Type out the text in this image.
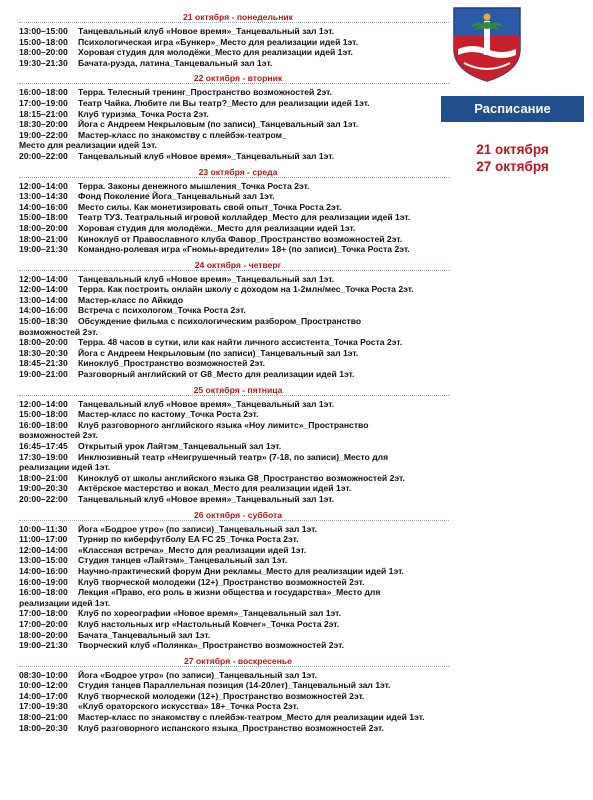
21 октября - понедельник
13:00–15:00	Танцевальный клуб «Новое время»_Танцевальный зал 1эт.
15:00–18:00	Психологическая игра «Бункер»_Место для реализации идей 1эт.
18:00–20:00	Хоровая студия для молодёжи_Место для реализации идей 1эт.
19:30–21:30	Бачата-руэда, латина_Танцевальный зал 1эт.
22 октября - вторник
16:00–18:00	Терра. Телесный тренинг_Пространство возможностей 2эт.
17:00–19:00	Театр Чайка. Любите ли Вы театр?_Место для реализации идей 1эт.
18:15–21:00	Клуб туризма_Точка Роста 2эт.
18:30–20:00	Йога с Андреем Некрыловым (по записи)_Танцевальный зал 1эт.
19:00–22:00	Мастер-класс по знакомству с плейбэк-театром_
Место для реализации идей 1эт.
20:00–22:00	Танцевальный клуб «Новое время»_Танцевальный зал 1эт.
23 октября - среда
12:00–14:00	Терра. Законы денежного мышления_Точка Роста 2эт.
13:00–14:30	Фонд Поколение Йога_Танцевальный зал 1эт.
14:00–16:00	Место силы. Как монетизировать свой опыт_Точка Роста 2эт.
15:00–18:00	Театр ТУЗ. Театральный игровой коллайдер_Место для реализации идей 1эт.
18:00–20:00	Хоровая студия для молодёжи._Место для реализации идей 1эт.
18:00–21:00	Киноклуб от Православного клуба Фавор_Пространство возможностей 2эт.
19:00–21:30	Командно-ролевая игра «Гномы-вредители» 18+ (по записи)_Точка Роста 2эт.
24 октября - четверг
12:00–14:00	Танцевальный клуб «Новое время»_Танцевальный зал 1эт.
12:00–14:00	Терра. Как построить онлайн школу с доходом на 1-2млн/мес_Точка Роста 2эт.
13:00–14:00	Мастер-класс по Айкидо
14:00–16:00	Встреча с психологом_Точка Роста 2эт.
15:00–18:30	Обсуждение фильма с психологическим разбором_Пространство
возможностей 2эт.
18:00–20:00	Терра. 48 часов в сутки, или как найти личного ассистента_Точка Роста 2эт.
18:30–20:30	Йога с Андреем Некрыловым (по записи)_Танцевальный зал 1эт.
18:45–21:30	Киноклуб_Пространство возможностей 2эт.
19:00–21:00	Разговорный английский от G8_Место для реализации идей 1эт.
25 октября - пятница
12:00–14:00	Танцевальный клуб «Новое время»_Танцевальный зал 1эт.
15:00–18:00	Мастер-класс по кастому_Точка Роста 2эт.
16:00–18:00	Клуб разговорного английского языка «Ноу лимитс»_Пространство
возможностей 2эт.
16:45–17:45	Открытый урок Лайтэм_Танцевальный зал 1эт.
17:30–19:00	Инклюзивный театр «Неигрушечный театр» (7-18, по записи)_Место для
реализации идей 1эт.
18:00–21:00	Киноклуб от школы английского языка G8_Пространство возможностей 2эт.
19:00–20:30	Актёрское мастерство и вокал_Место для реализации идей 1эт.
20:00–22:00	Танцевальный клуб «Новое время»_Танцевальный зал 1эт.
26 октября - суббота
10:00–11:30	Йога «Бодрое утро» (по записи)_Танцевальный зал 1эт.
11:00–17:00	Турнир по киберфутболу EA FC 25_Точка Роста 2эт.
12:00–14:00	«Классная встреча»_Место для реализации идей 1эт.
13:00–15:00	Студия танцев «Лайтэм»_Танцевальный зал 1эт.
14:00–16:00	Научно-практический форум Дни рекламы_Место для реализации идей 1эт.
16:00–19:00	Клуб творческой молодежи (12+)_Пространство возможностей 2эт.
16:00–18:00	Лекция «Право, его роль в жизни общества и государства»_Место для
реализации идей 1эт.
17:00–18:00	Клуб по хореографии «Новое время»_Танцевальный зал 1эт.
17:00–20:00	Клуб настольных игр «Настольный Ковчег»_Точка Роста 2эт.
18:00–20:00	Бачата_Танцевальный зал 1эт.
19:00–21:30	Творческий клуб «Полянка»_Пространство возможностей 2эт.
27 октября - воскресенье
08:30–10:00	Йога «Бодрое утро» (по записи)_Танцевальный зал 1эт.
10:00–12:00	Студия танцев Параллельная позиция (14-20лет)_Танцевальный зал 1эт.
14:00–17:00	Клуб творческой молодежи (12+)_Пространство возможностей 2эт.
17:00–19:30	«Клуб ораторского искусства» 18+_Точка Роста 2эт.
18:00–21:00	Мастер-класс по знакомству с плейбэк-театром_Место для реализации идей 1эт.
18:00–20:30	Клуб разговорного испанского языка_Пространство возможностей 2эт.
Расписание
21 октября
27 октября
